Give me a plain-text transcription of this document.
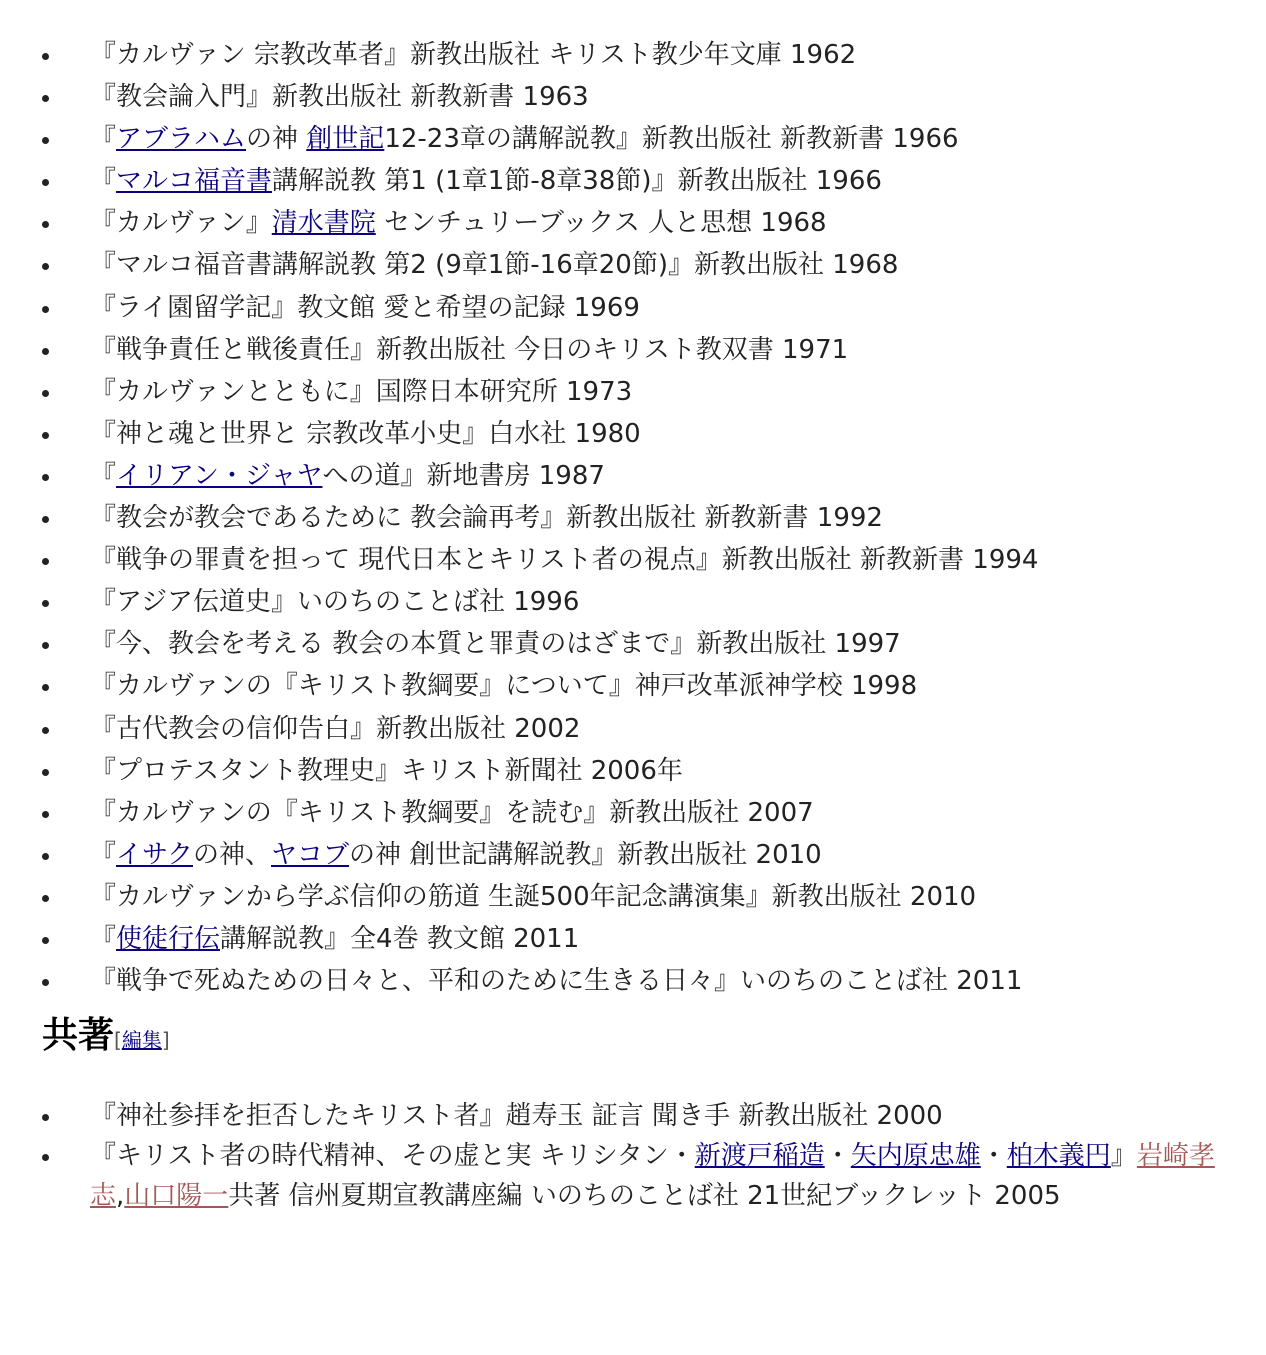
『カルヴァン 宗教改革者』新教出版社 キリスト教少年文庫 1962
『教会論入門』新教出版社 新教新書 1963
『アブラハムの神 創世記12-23章の講解説教』新教出版社 新教新書 1966
『マルコ福音書講解説教 第1 (1章1節-8章38節)』新教出版社 1966
『カルヴァン』清水書院 センチュリーブックス 人と思想 1968
『マルコ福音書講解説教 第2 (9章1節-16章20節)』新教出版社 1968
『ライ園留学記』教文館 愛と希望の記録 1969
『戦争責任と戦後責任』新教出版社 今日のキリスト教双書 1971
『カルヴァンとともに』国際日本研究所 1973
『神と魂と世界と 宗教改革小史』白水社 1980
『イリアン・ジャヤへの道』新地書房 1987
『教会が教会であるために 教会論再考』新教出版社 新教新書 1992
『戦争の罪責を担って 現代日本とキリスト者の視点』新教出版社 新教新書 1994
『アジア伝道史』いのちのことば社 1996
『今、教会を考える 教会の本質と罪責のはざまで』新教出版社 1997
『カルヴァンの『キリスト教綱要』について』神戸改革派神学校 1998
『古代教会の信仰告白』新教出版社 2002
『プロテスタント教理史』キリスト新聞社 2006年
『カルヴァンの『キリスト教綱要』を読む』新教出版社 2007
『イサクの神、ヤコブの神 創世記講解説教』新教出版社 2010
『カルヴァンから学ぶ信仰の筋道 生誕500年記念講演集』新教出版社 2010
『使徒行伝講解説教』全4巻 教文館 2011
『戦争で死ぬための日々と、平和のために生きる日々』いのちのことば社 2011
共著[編集]
『神社参拝を拒否したキリスト者』趙寿玉 証言 聞き手 新教出版社 2000
『キリスト者の時代精神、その虚と実 キリシタン・新渡戸稲造・矢内原忠雄・柏木義円』岩崎孝志,山口陽一共著 信州夏期宣教講座編 いのちのことば社 21世紀ブックレット 2005
